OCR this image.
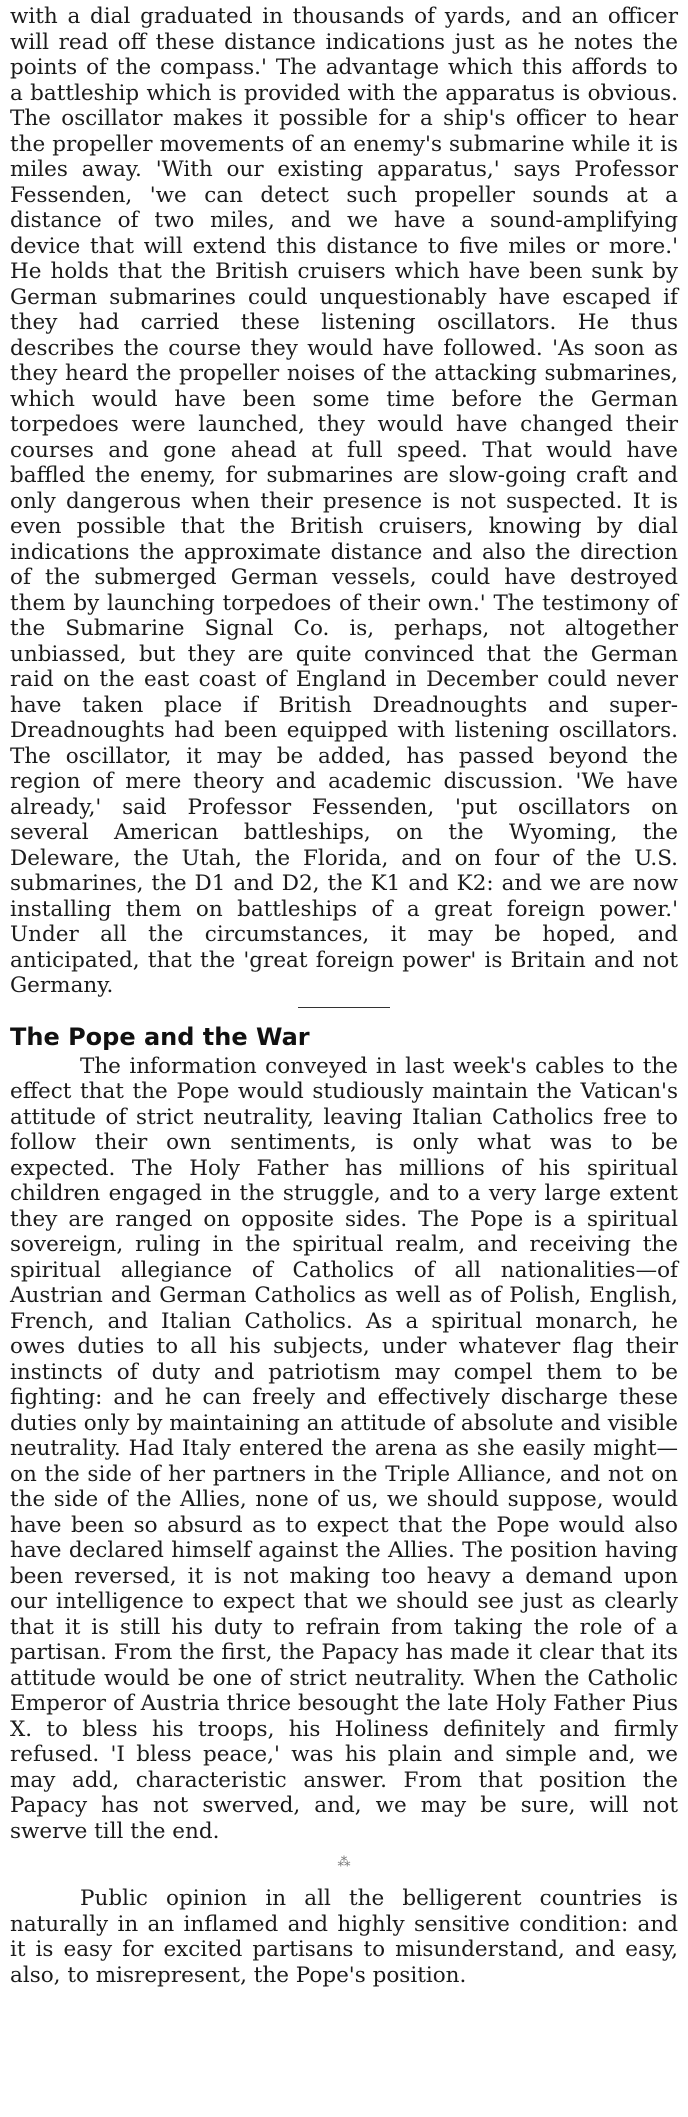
with a dial graduated in thousands of yards, and an officer will read off these distance indications just as he notes the points of the compass.' The advantage which this affords to a battleship which is provided with the apparatus is obvious. The oscillator makes it possible for a ship's officer to hear the propeller movements of an enemy's submarine while it is miles away. 'With our existing apparatus,' says Professor Fessenden, 'we can detect such propeller sounds at a distance of two miles, and we have a sound-amplifying device that will extend this distance to five miles or more.' He holds that the British cruisers which have been sunk by German submarines could unquestionably have escaped if they had carried these listening oscillators. He thus describes the course they would have followed. 'As soon as they heard the propeller noises of the attacking submarines, which would have been some time before the German torpedoes were launched, they would have changed their courses and gone ahead at full speed. That would have baffled the enemy, for submarines are slow-going craft and only dangerous when their presence is not suspected. It is even possible that the British cruisers, knowing by dial indications the approximate distance and also the direction of the submerged German vessels, could have destroyed them by launching torpedoes of their own.' The testimony of the Submarine Signal Co. is, perhaps, not altogether unbiassed, but they are quite convinced that the German raid on the east coast of England in December could never have taken place if British Dreadnoughts and super-Dreadnoughts had been equipped with listening oscillators. The oscillator, it may be added, has passed beyond the region of mere theory and academic discussion. 'We have already,' said Professor Fessenden, 'put oscillators on several American battleships, on the Wyoming, the Deleware, the Utah, the Florida, and on four of the U.S. submarines, the D1 and D2, the K1 and K2: and we are now installing them on battleships of a great foreign power.' Under all the circumstances, it may be hoped, and anticipated, that the 'great foreign power' is Britain and not Germany.

The Pope and the War

The information conveyed in last week's cables to the effect that the Pope would studiously maintain the Vatican's attitude of strict neutrality, leaving Italian Catholics free to follow their own sentiments, is only what was to be expected. The Holy Father has millions of his spiritual children engaged in the struggle, and to a very large extent they are ranged on opposite sides. The Pope is a spiritual sovereign, ruling in the spiritual realm, and receiving the spiritual allegiance of Catholics of all nationalities—of Austrian and German Catholics as well as of Polish, English, French, and Italian Catholics. As a spiritual monarch, he owes duties to all his subjects, under whatever flag their instincts of duty and patriotism may compel them to be fighting: and he can freely and effectively discharge these duties only by maintaining an attitude of absolute and visible neutrality. Had Italy entered the arena as she easily might—on the side of her partners in the Triple Alliance, and not on the side of the Allies, none of us, we should suppose, would have been so absurd as to expect that the Pope would also have declared himself against the Allies. The position having been reversed, it is not making too heavy a demand upon our intelligence to expect that we should see just as clearly that it is still his duty to refrain from taking the role of a partisan. From the first, the Papacy has made it clear that its attitude would be one of strict neutrality. When the Catholic Emperor of Austria thrice besought the late Holy Father Pius X. to bless his troops, his Holiness definitely and firmly refused. 'I bless peace,' was his plain and simple and, we may add, characteristic answer. From that position the Papacy has not swerved, and, we may be sure, will not swerve till the end.

⁂

Public opinion in all the belligerent countries is naturally in an inflamed and highly sensitive condition: and it is easy for excited partisans to misunderstand, and easy, also, to misrepresent, the Pope's position.
